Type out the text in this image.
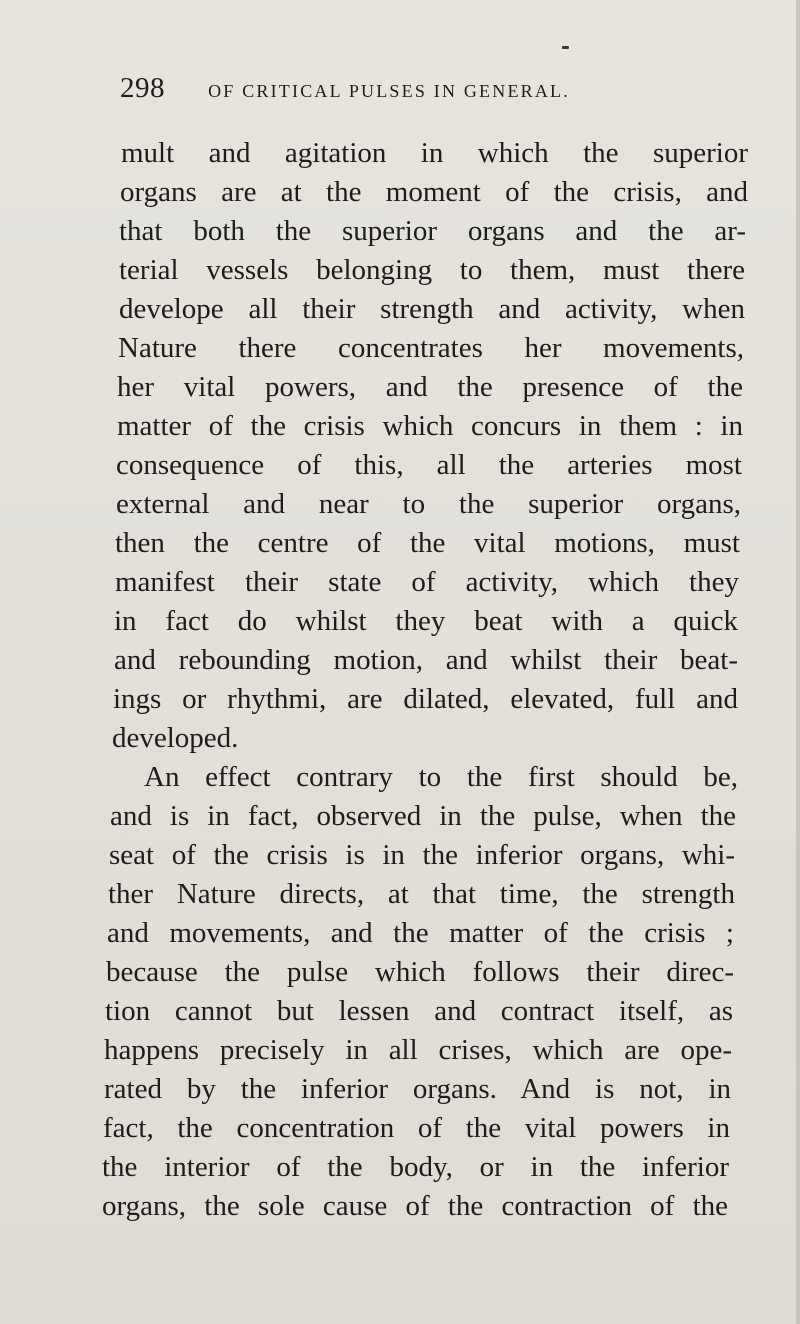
298 OF CRITICAL PULSES IN GENERAL.
mult and agitation in which the superior
organs are at the moment of the crisis, and
that both the superior organs and the ar-
terial vessels belonging to them, must there
develope all their strength and activity, when
Nature there concentrates her movements,
her vital powers, and the presence of the
matter of the crisis which concurs in them : in
consequence of this, all the arteries most
external and near to the superior organs,
then the centre of the vital motions, must
manifest their state of activity, which they
in fact do whilst they beat with a quick
and rebounding motion, and whilst their beat-
ings or rhythmi, are dilated, elevated, full and
developed.
An effect contrary to the first should be,
and is in fact, observed in the pulse, when the
seat of the crisis is in the inferior organs, whi-
ther Nature directs, at that time, the strength
and movements, and the matter of the crisis ;
because the pulse which follows their direc-
tion cannot but lessen and contract itself, as
happens precisely in all crises, which are ope-
rated by the inferior organs. And is not, in
fact, the concentration of the vital powers in
the interior of the body, or in the inferior
organs, the sole cause of the contraction of the
